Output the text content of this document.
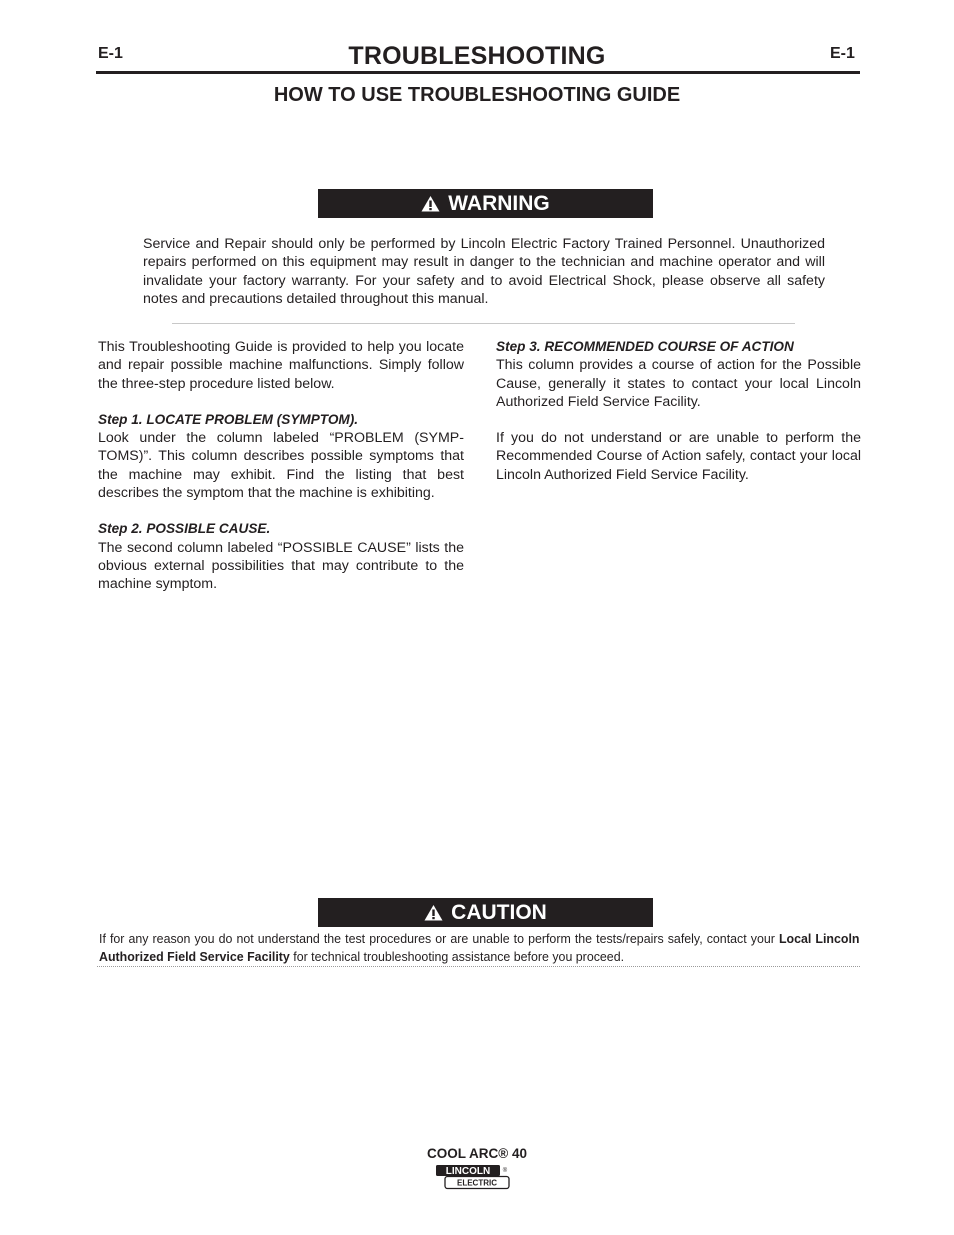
E-1	E-1
TROUBLESHOOTING
HOW TO USE TROUBLESHOOTING GUIDE
WARNING
Service and Repair should only be performed by Lincoln Electric Factory Trained Personnel. Unauthorized repairs performed on this equipment may result in danger to the technician and machine operator and will invalidate your factory warranty. For your safety and to avoid Electrical Shock, please observe all safety notes and precautions detailed throughout this manual.

This Troubleshooting Guide is provided to help you locate and repair possible machine malfunctions. Simply follow the three-step procedure listed below.

Step 1. LOCATE PROBLEM (SYMPTOM).

Look under the column labeled “PROBLEM (SYMP-TOMS)”. This column describes possible symptoms that the machine may exhibit. Find the listing that best describes the symptom that the machine is exhibiting.

Step 2. POSSIBLE CAUSE.

The second column labeled “POSSIBLE CAUSE” lists the obvious external possibilities that may contribute to the machine symptom.

Step 3. RECOMMENDED COURSE OF ACTION

This column provides a course of action for the Possible Cause, generally it states to contact your local Lincoln Authorized Field Service Facility.

If you do not understand or are unable to perform the Recommended Course of Action safely, contact your local Lincoln Authorized Field Service Facility.

CAUTION
If for any reason you do not understand the test procedures or are unable to perform the tests/repairs safely, contact your Local Lincoln Authorized Field Service Facility for technical troubleshooting assistance before you proceed.
COOL ARC® 40
LINCOLN ®
ELECTRIC
